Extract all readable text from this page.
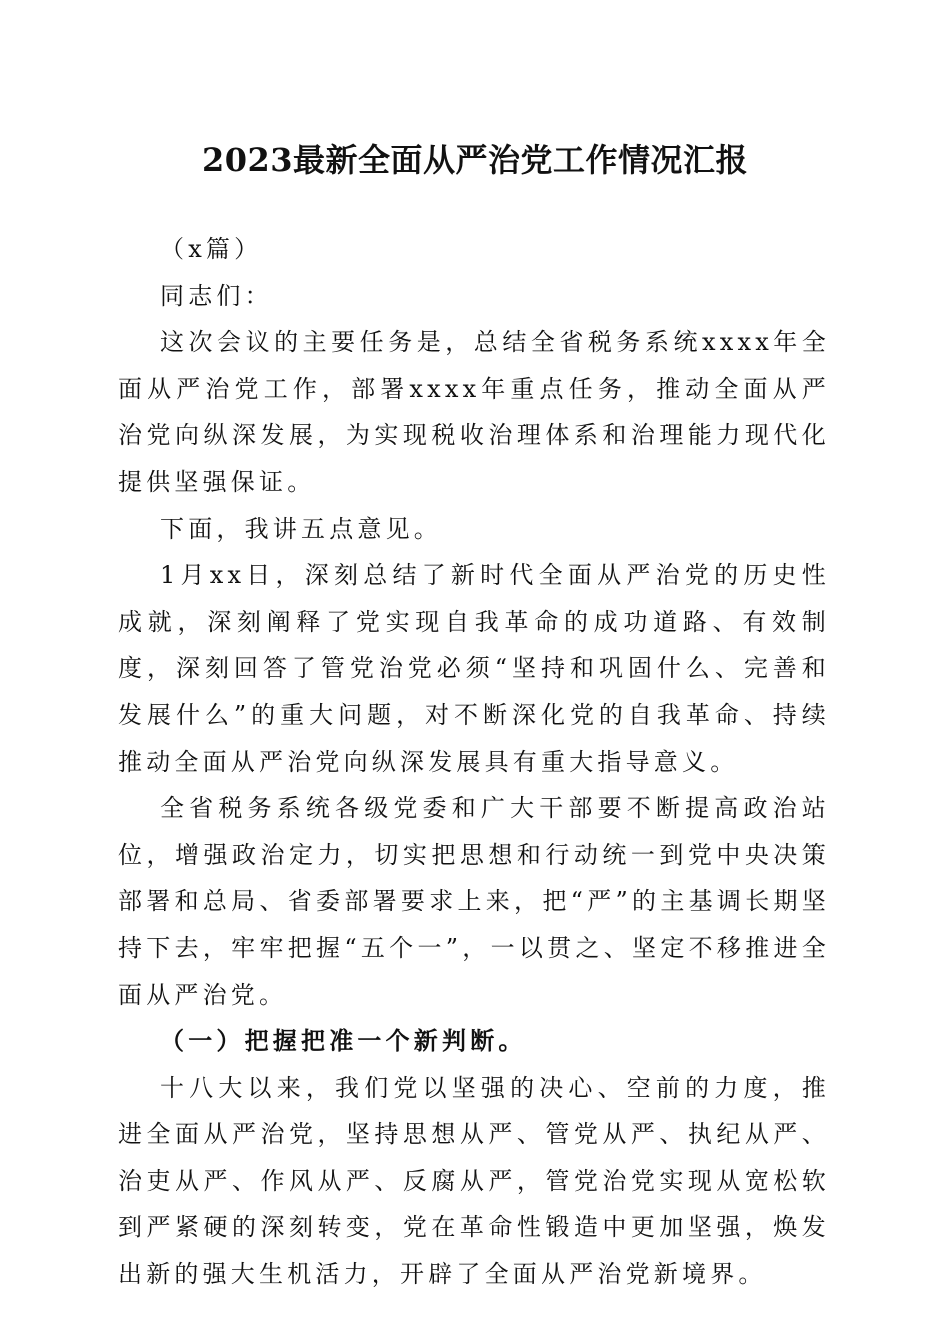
2023最新全面从严治党工作情况汇报

（x篇）

同志们：

这次会议的主要任务是，总结全省税务系统xxxx年全面从严治党工作，部署xxxx年重点任务，推动全面从严治党向纵深发展，为实现税收治理体系和治理能力现代化提供坚强保证。

下面，我讲五点意见。

1月xx日，深刻总结了新时代全面从严治党的历史性成就，深刻阐释了党实现自我革命的成功道路、有效制度，深刻回答了管党治党必须“坚持和巩固什么、完善和发展什么”的重大问题，对不断深化党的自我革命、持续推动全面从严治党向纵深发展具有重大指导意义。

全省税务系统各级党委和广大干部要不断提高政治站位，增强政治定力，切实把思想和行动统一到党中央决策部署和总局、省委部署要求上来，把“严”的主基调长期坚持下去，牢牢把握“五个一”，一以贯之、坚定不移推进全面从严治党。

（一）把握把准一个新判断。

十八大以来，我们党以坚强的决心、空前的力度，推进全面从严治党，坚持思想从严、管党从严、执纪从严、治吏从严、作风从严、反腐从严，管党治党实现从宽松软到严紧硬的深刻转变，党在革命性锻造中更加坚强，焕发出新的强大生机活力，开辟了全面从严治党新境界。
